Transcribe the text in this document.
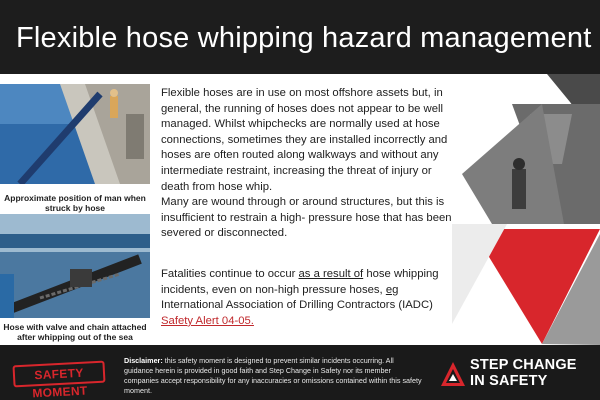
Flexible hose whipping hazard management
Approximate position of man when struck by hose
Hose with valve and chain attached after whipping out of the sea
Flexible hoses are in use on most offshore assets but, in general, the running of hoses does not appear to be well managed. Whilst whipchecks are normally used at hose connections, sometimes they are installed incorrectly and hoses are often routed along walkways and without any intermediate restraint, increasing the threat of injury or death from hose whip.
Many are wound through or around structures, but this is insufficient to restrain a high- pressure hose that has been severed or disconnected.
Fatalities continue to occur as a result of hose whipping incidents, even on non-high pressure hoses, eg International Association of Drilling Contractors (IADC) Safety Alert 04-05.
SAFETY MOMENT
Disclaimer: this safety moment is designed to prevent similar incidents occurring. All guidance herein is provided in good faith and Step Change in Safety nor its member companies accept responsibility for any inaccuracies or omissions contained within this safety moment.
STEP CHANGE
IN SAFETY
